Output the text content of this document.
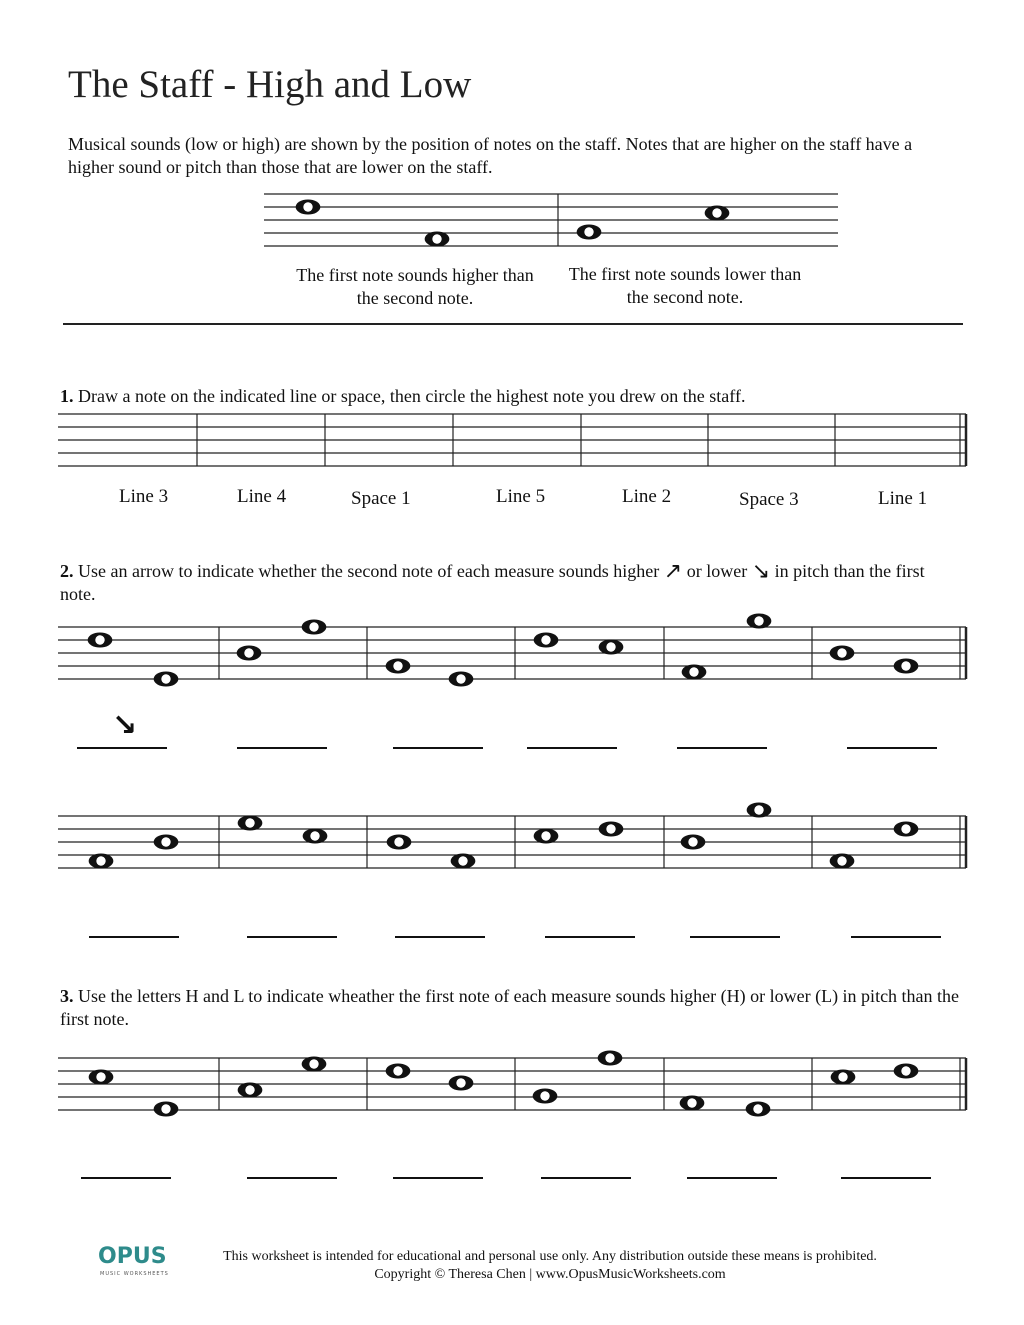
The Staff - High and Low
Musical sounds (low or high) are shown by the position of notes on the staff. Notes that are higher on the staff have a higher sound or pitch than those that are lower on the staff.
The first note sounds higher than the second note.
The first note sounds lower than the second note.
1. Draw a note on the indicated line or space, then circle the highest note you drew on the staff.
Line 3	Line 4	Space 1	Line 5	Line 2	Space 3	Line 1
2. Use an arrow to indicate whether the second note of each measure sounds higher ↗ or lower ↘ in pitch than the first note.
↘
3. Use the letters H and L to indicate wheather the first note of each measure sounds higher (H) or lower (L) in pitch than the first note.
OPUS
MUSIC WORKSHEETS
This worksheet is intended for educational and personal use only. Any distribution outside these means is prohibited.
Copyright © Theresa Chen | www.OpusMusicWorksheets.com
